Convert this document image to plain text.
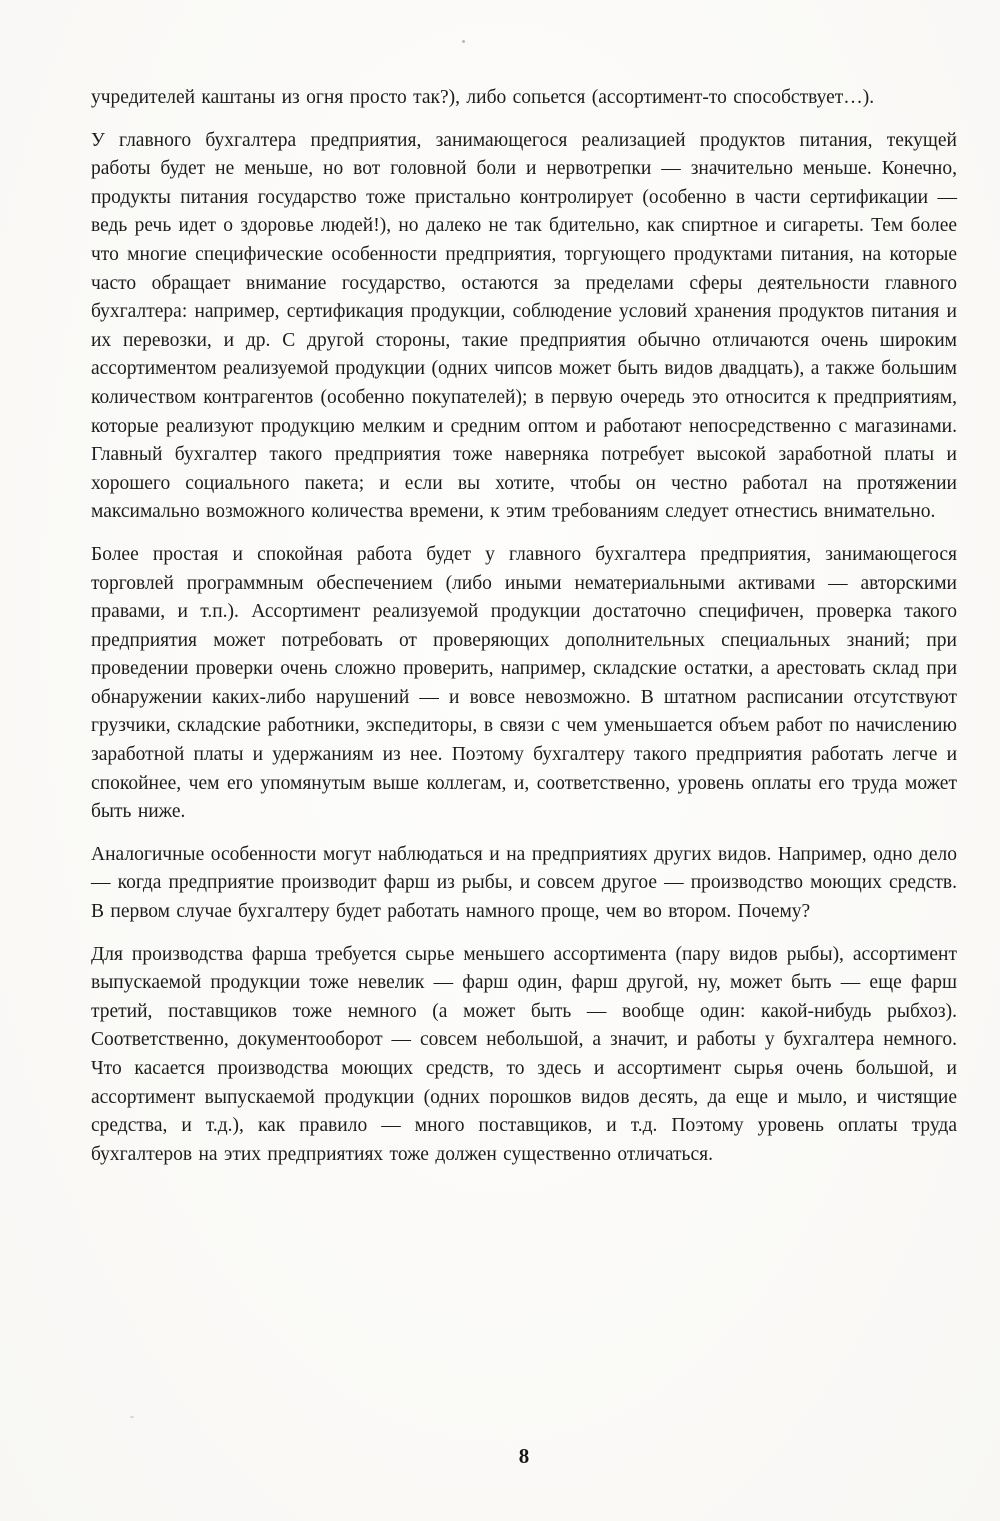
учредителей каштаны из огня просто так?), либо сопьется (ассортимент-то способствует…).

У главного бухгалтера предприятия, занимающегося реализацией продуктов питания, текущей работы будет не меньше, но вот головной боли и нервотрепки — значительно меньше. Конечно, продукты питания государство тоже пристально контролирует (особенно в части сертификации — ведь речь идет о здоровье людей!), но далеко не так бдительно, как спиртное и сигареты. Тем более что многие специфические особенности предприятия, торгующего продуктами питания, на которые часто обращает внимание государство, остаются за пределами сферы деятельности главного бухгалтера: например, сертификация продукции, соблюдение условий хранения продуктов питания и их перевозки, и др. С другой стороны, такие предприятия обычно отличаются очень широким ассортиментом реализуемой продукции (одних чипсов может быть видов двадцать), а также большим количеством контрагентов (особенно покупателей); в первую очередь это относится к предприятиям, которые реализуют продукцию мелким и средним оптом и работают непосредственно с магазинами. Главный бухгалтер такого предприятия тоже наверняка потребует высокой заработной платы и хорошего социального пакета; и если вы хотите, чтобы он честно работал на протяжении максимально возможного количества времени, к этим требованиям следует отнестись внимательно.

Более простая и спокойная работа будет у главного бухгалтера предприятия, занимающегося торговлей программным обеспечением (либо иными нематериальными активами — авторскими правами, и т.п.). Ассортимент реализуемой продукции достаточно специфичен, проверка такого предприятия может потребовать от проверяющих дополнительных специальных знаний; при проведении проверки очень сложно проверить, например, складские остатки, а арестовать склад при обнаружении каких-либо нарушений — и вовсе невозможно. В штатном расписании отсутствуют грузчики, складские работники, экспедиторы, в связи с чем уменьшается объем работ по начислению заработной платы и удержаниям из нее. Поэтому бухгалтеру такого предприятия работать легче и спокойнее, чем его упомянутым выше коллегам, и, соответственно, уровень оплаты его труда может быть ниже.

Аналогичные особенности могут наблюдаться и на предприятиях других видов. Например, одно дело — когда предприятие производит фарш из рыбы, и совсем другое — производство моющих средств. В первом случае бухгалтеру будет работать намного проще, чем во втором. Почему?

Для производства фарша требуется сырье меньшего ассортимента (пару видов рыбы), ассортимент выпускаемой продукции тоже невелик — фарш один, фарш другой, ну, может быть — еще фарш третий, поставщиков тоже немного (а может быть — вообще один: какой-нибудь рыбхоз). Соответственно, документооборот — совсем небольшой, а значит, и работы у бухгалтера немного. Что касается производства моющих средств, то здесь и ассортимент сырья очень большой, и ассортимент выпускаемой продукции (одних порошков видов десять, да еще и мыло, и чистящие средства, и т.д.), как правило — много поставщиков, и т.д. Поэтому уровень оплаты труда бухгалтеров на этих предприятиях тоже должен существенно отличаться.

8
